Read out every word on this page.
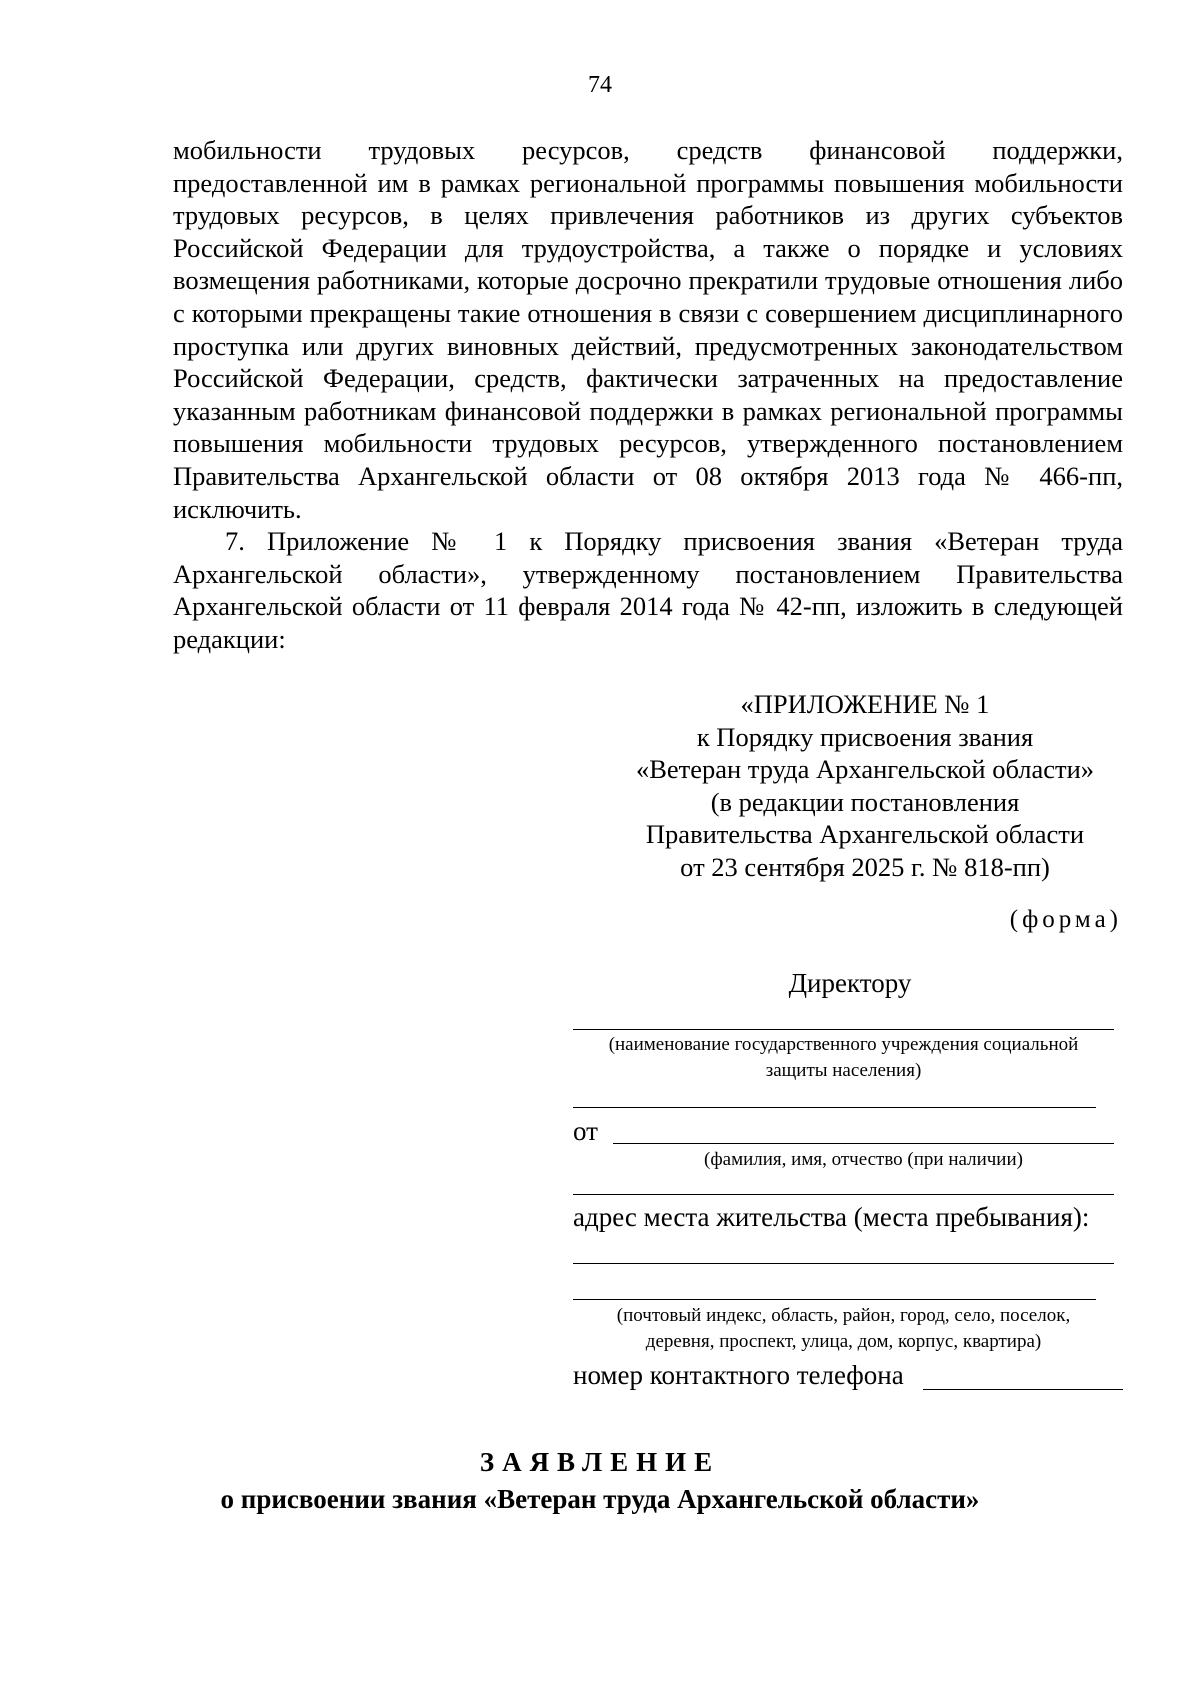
74

мобильности трудовых ресурсов, средств финансовой поддержки, предоставленной им в рамках региональной программы повышения мобильности трудовых ресурсов, в целях привлечения работников из других субъектов Российской Федерации для трудоустройства, а также о порядке и условиях возмещения работниками, которые досрочно прекратили трудовые отношения либо с которыми прекращены такие отношения в связи с совершением дисциплинарного проступка или других виновных действий, предусмотренных законодательством Российской Федерации, средств, фактически затраченных на предоставление указанным работникам финансовой поддержки в рамках региональной программы повышения мобильности трудовых ресурсов, утвержденного постановлением Правительства Архангельской области от 08 октября 2013 года № 466-пп, исключить.

7. Приложение № 1 к Порядку присвоения звания «Ветеран труда Архангельской области», утвержденному постановлением Правительства Архангельской области от 11 февраля 2014 года № 42-пп, изложить в следующей редакции:

«ПРИЛОЖЕНИЕ № 1
к Порядку присвоения звания
«Ветеран труда Архангельской области»
(в редакции постановления
Правительства Архангельской области
от 23 сентября 2025 г. № 818-пп)
(форма)
Директору
(наименование государственного учреждения социальной
защиты населения)
от
(фамилия, имя, отчество (при наличии)
адрес места жительства (места пребывания):
(почтовый индекс, область, район, город, село, поселок,
деревня, проспект, улица, дом, корпус, квартира)
номер контактного телефона
ЗАЯВЛЕНИЕ
о присвоении звания «Ветеран труда Архангельской области»
